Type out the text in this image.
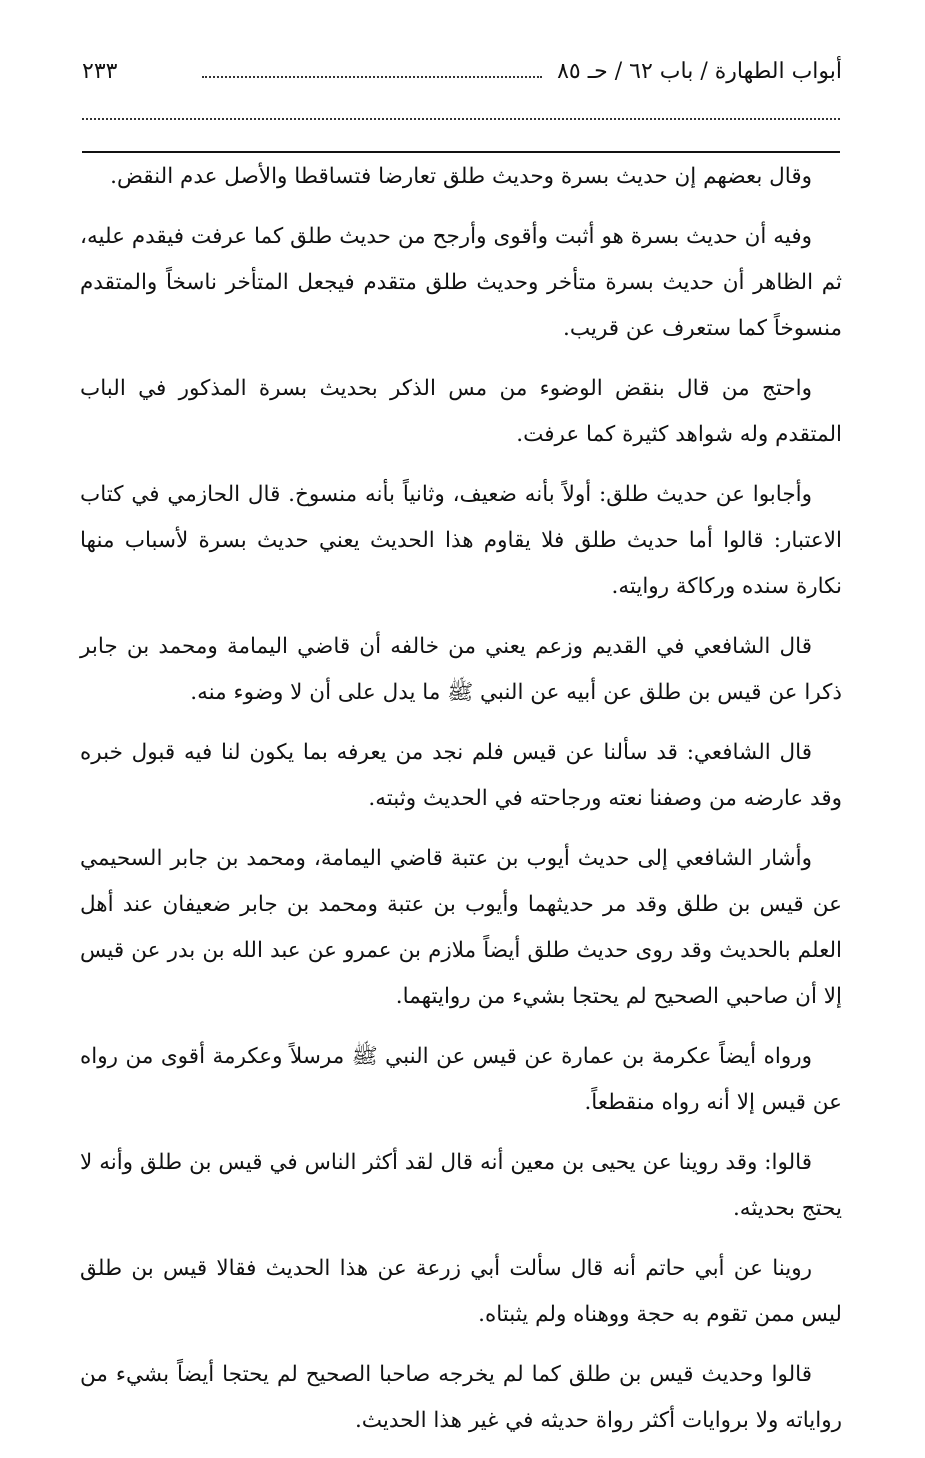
أبواب الطهارة / باب ٦٢ / حـ ٨٥
٢٣٣

وقال بعضهم إن حديث بسرة وحديث طلق تعارضا فتساقطا والأصل عدم النقض.

وفيه أن حديث بسرة هو أثبت وأقوى وأرجح من حديث طلق كما عرفت فيقدم عليه، ثم الظاهر أن حديث بسرة متأخر وحديث طلق متقدم فيجعل المتأخر ناسخاً والمتقدم منسوخاً كما ستعرف عن قريب.

واحتج من قال بنقض الوضوء من مس الذكر بحديث بسرة المذكور في الباب المتقدم وله شواهد كثيرة كما عرفت.

وأجابوا عن حديث طلق: أولاً بأنه ضعيف، وثانياً بأنه منسوخ. قال الحازمي في كتاب الاعتبار: قالوا أما حديث طلق فلا يقاوم هذا الحديث يعني حديث بسرة لأسباب منها نكارة سنده وركاكة روايته.

قال الشافعي في القديم وزعم يعني من خالفه أن قاضي اليمامة ومحمد بن جابر ذكرا عن قيس بن طلق عن أبيه عن النبي ﷺ ما يدل على أن لا وضوء منه.

قال الشافعي: قد سألنا عن قيس فلم نجد من يعرفه بما يكون لنا فيه قبول خبره وقد عارضه من وصفنا نعته ورجاحته في الحديث وثبته.

وأشار الشافعي إلى حديث أيوب بن عتبة قاضي اليمامة، ومحمد بن جابر السحيمي عن قيس بن طلق وقد مر حديثهما وأيوب بن عتبة ومحمد بن جابر ضعيفان عند أهل العلم بالحديث وقد روى حديث طلق أيضاً ملازم بن عمرو عن عبد الله بن بدر عن قيس إلا أن صاحبي الصحيح لم يحتجا بشيء من روايتهما.

ورواه أيضاً عكرمة بن عمارة عن قيس عن النبي ﷺ مرسلاً وعكرمة أقوى من رواه عن قيس إلا أنه رواه منقطعاً.

قالوا: وقد روينا عن يحيى بن معين أنه قال لقد أكثر الناس في قيس بن طلق وأنه لا يحتج بحديثه.

روينا عن أبي حاتم أنه قال سألت أبي زرعة عن هذا الحديث فقالا قيس بن طلق ليس ممن تقوم به حجة ووهناه ولم يثبتاه.

قالوا وحديث قيس بن طلق كما لم يخرجه صاحبا الصحيح لم يحتجا أيضاً بشيء من رواياته ولا بروايات أكثر رواة حديثه في غير هذا الحديث.
